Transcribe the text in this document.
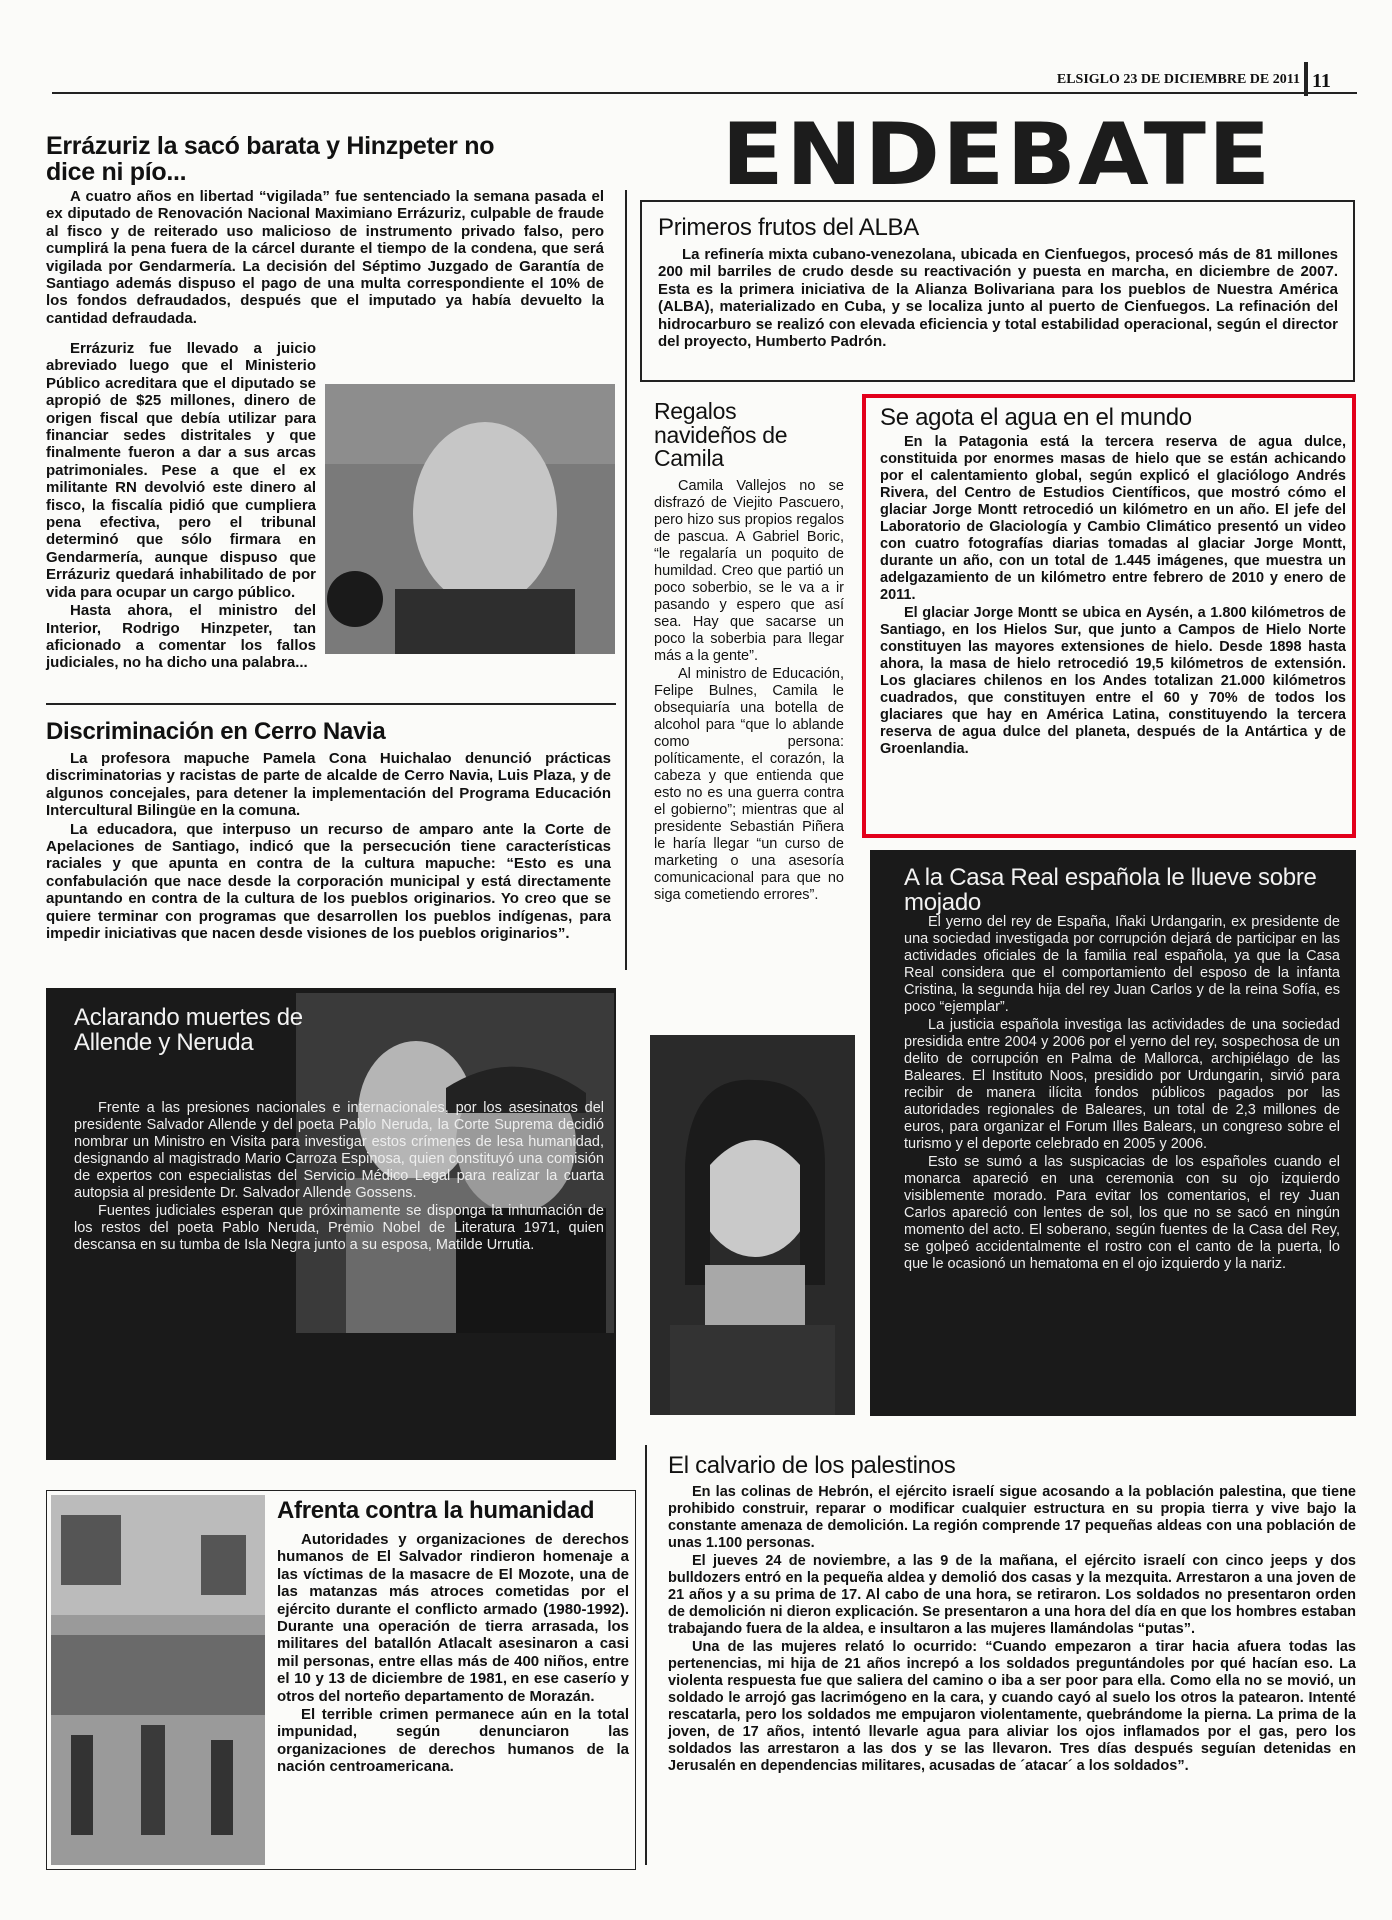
ELSIGLO 23 DE DICIEMBRE DE 2011 11
ENDEBATE
Errázuriz la sacó barata y Hinzpeter no dice ni pío...

A cuatro años en libertad “vigilada” fue sentenciado la semana pasada el ex diputado de Renovación Nacional Maximiano Errázuriz, culpable de fraude al fisco y de reiterado uso malicioso de instrumento privado falso, pero cumplirá la pena fuera de la cárcel durante el tiempo de la condena, que será vigilada por Gendarmería. La decisión del Séptimo Juzgado de Garantía de Santiago además dispuso el pago de una multa correspondiente el 10% de los fondos defraudados, después que el imputado ya había devuelto la cantidad defraudada.

Errázuriz fue llevado a juicio abreviado luego que el Ministerio Público acreditara que el diputado se apropió de $25 millones, dinero de origen fiscal que debía utilizar para financiar sedes distritales y que finalmente fueron a dar a sus arcas patrimoniales. Pese a que el ex militante RN devolvió este dinero al fisco, la fiscalía pidió que cumpliera pena efectiva, pero el tribunal determinó que sólo firmara en Gendarmería, aunque dispuso que Errázuriz quedará inhabilitado de por vida para ocupar un cargo público.

Hasta ahora, el ministro del Interior, Rodrigo Hinzpeter, tan aficionado a comentar los fallos judiciales, no ha dicho una palabra...

Discriminación en Cerro Navia

La profesora mapuche Pamela Cona Huichalao denunció prácticas discriminatorias y racistas de parte de alcalde de Cerro Navia, Luis Plaza, y de algunos concejales, para detener la implementación del Programa Educación Intercultural Bilingüe en la comuna.

La educadora, que interpuso un recurso de amparo ante la Corte de Apelaciones de Santiago, indicó que la persecución tiene características raciales y que apunta en contra de la cultura mapuche: “Esto es una confabulación que nace desde la corporación municipal y está directamente apuntando en contra de la cultura de los pueblos originarios. Yo creo que se quiere terminar con programas que desarrollen los pueblos indígenas, para impedir iniciativas que nacen desde visiones de los pueblos originarios”.

Aclarando muertes de Allende y Neruda

Frente a las presiones nacionales e internacionales, por los asesinatos del presidente Salvador Allende y del poeta Pablo Neruda, la Corte Suprema decidió nombrar un Ministro en Visita para investigar estos crímenes de lesa humanidad, designando al magistrado Mario Carroza Espinosa, quien constituyó una comisión de expertos con especialistas del Servicio Médico Legal para realizar la cuarta autopsia al presidente Dr. Salvador Allende Gossens.

Fuentes judiciales esperan que próximamente se disponga la inhumación de los restos del poeta Pablo Neruda, Premio Nobel de Literatura 1971, quien descansa en su tumba de Isla Negra junto a su esposa, Matilde Urrutia.

Afrenta contra la humanidad

Autoridades y organizaciones de derechos humanos de El Salvador rindieron homenaje a las víctimas de la masacre de El Mozote, una de las matanzas más atroces cometidas por el ejército durante el conflicto armado (1980-1992). Durante una operación de tierra arrasada, los militares del batallón Atlacalt asesinaron a casi mil personas, entre ellas más de 400 niños, entre el 10 y 13 de diciembre de 1981, en ese caserío y otros del norteño departamento de Morazán.

El terrible crimen permanece aún en la total impunidad, según denunciaron las organizaciones de derechos humanos de la nación centroamericana.

Primeros frutos del ALBA

La refinería mixta cubano-venezolana, ubicada en Cienfuegos, procesó más de 81 millones 200 mil barriles de crudo desde su reactivación y puesta en marcha, en diciembre de 2007. Esta es la primera iniciativa de la Alianza Bolivariana para los pueblos de Nuestra América (ALBA), materializado en Cuba, y se localiza junto al puerto de Cienfuegos. La refinación del hidrocarburo se realizó con elevada eficiencia y total estabilidad operacional, según el director del proyecto, Humberto Padrón.

Regalos navideños de Camila

Camila Vallejos no se disfrazó de Viejito Pascuero, pero hizo sus propios regalos de pascua. A Gabriel Boric, “le regalaría un poquito de humildad. Creo que partió un poco soberbio, se le va a ir pasando y espero que así sea. Hay que sacarse un poco la soberbia para llegar más a la gente”.

Al ministro de Educación, Felipe Bulnes, Camila le obsequiaría una botella de alcohol para “que lo ablande como persona: políticamente, el corazón, la cabeza y que entienda que esto no es una guerra contra el gobierno”; mientras que al presidente Sebastián Piñera le haría llegar “un curso de marketing o una asesoría comunicacional para que no siga cometiendo errores”.

Se agota el agua en el mundo

En la Patagonia está la tercera reserva de agua dulce, constituida por enormes masas de hielo que se están achicando por el calentamiento global, según explicó el glaciólogo Andrés Rivera, del Centro de Estudios Científicos, que mostró cómo el glaciar Jorge Montt retrocedió un kilómetro en un año. El jefe del Laboratorio de Glaciología y Cambio Climático presentó un video con cuatro fotografías diarias tomadas al glaciar Jorge Montt, durante un año, con un total de 1.445 imágenes, que muestra un adelgazamiento de un kilómetro entre febrero de 2010 y enero de 2011.

El glaciar Jorge Montt se ubica en Aysén, a 1.800 kilómetros de Santiago, en los Hielos Sur, que junto a Campos de Hielo Norte constituyen las mayores extensiones de hielo. Desde 1898 hasta ahora, la masa de hielo retrocedió 19,5 kilómetros de extensión. Los glaciares chilenos en los Andes totalizan 21.000 kilómetros cuadrados, que constituyen entre el 60 y 70% de todos los glaciares que hay en América Latina, constituyendo la tercera reserva de agua dulce del planeta, después de la Antártica y de Groenlandia.

A la Casa Real española le llueve sobre mojado

El yerno del rey de España, Iñaki Urdangarin, ex presidente de una sociedad investigada por corrupción dejará de participar en las actividades oficiales de la familia real española, ya que la Casa Real considera que el comportamiento del esposo de la infanta Cristina, la segunda hija del rey Juan Carlos y de la reina Sofía, es poco “ejemplar”.

La justicia española investiga las actividades de una sociedad presidida entre 2004 y 2006 por el yerno del rey, sospechosa de un delito de corrupción en Palma de Mallorca, archipiélago de las Baleares. El Instituto Noos, presidido por Urdungarin, sirvió para recibir de manera ilícita fondos públicos pagados por las autoridades regionales de Baleares, un total de 2,3 millones de euros, para organizar el Forum Illes Balears, un congreso sobre el turismo y el deporte celebrado en 2005 y 2006.

Esto se sumó a las suspicacias de los españoles cuando el monarca apareció en una ceremonia con su ojo izquierdo visiblemente morado. Para evitar los comentarios, el rey Juan Carlos apareció con lentes de sol, los que no se sacó en ningún momento del acto. El soberano, según fuentes de la Casa del Rey, se golpeó accidentalmente el rostro con el canto de la puerta, lo que le ocasionó un hematoma en el ojo izquierdo y la nariz.

El calvario de los palestinos

En las colinas de Hebrón, el ejército israelí sigue acosando a la población palestina, que tiene prohibido construir, reparar o modificar cualquier estructura en su propia tierra y vive bajo la constante amenaza de demolición. La región comprende 17 pequeñas aldeas con una población de unas 1.100 personas.

El jueves 24 de noviembre, a las 9 de la mañana, el ejército israelí con cinco jeeps y dos bulldozers entró en la pequeña aldea y demolió dos casas y la mezquita. Arrestaron a una joven de 21 años y a su prima de 17. Al cabo de una hora, se retiraron. Los soldados no presentaron orden de demolición ni dieron explicación. Se presentaron a una hora del día en que los hombres estaban trabajando fuera de la aldea, e insultaron a las mujeres llamándolas “putas”.

Una de las mujeres relató lo ocurrido: “Cuando empezaron a tirar hacia afuera todas las pertenencias, mi hija de 21 años increpó a los soldados preguntándoles por qué hacían eso. La violenta respuesta fue que saliera del camino o iba a ser poor para ella. Como ella no se movió, un soldado le arrojó gas lacrimógeno en la cara, y cuando cayó al suelo los otros la patearon. Intenté rescatarla, pero los soldados me empujaron violentamente, quebrándome la pierna. La prima de la joven, de 17 años, intentó llevarle agua para aliviar los ojos inflamados por el gas, pero los soldados las arrestaron a las dos y se las llevaron. Tres días después seguían detenidas en Jerusalén en dependencias militares, acusadas de ´atacar´ a los soldados”.
